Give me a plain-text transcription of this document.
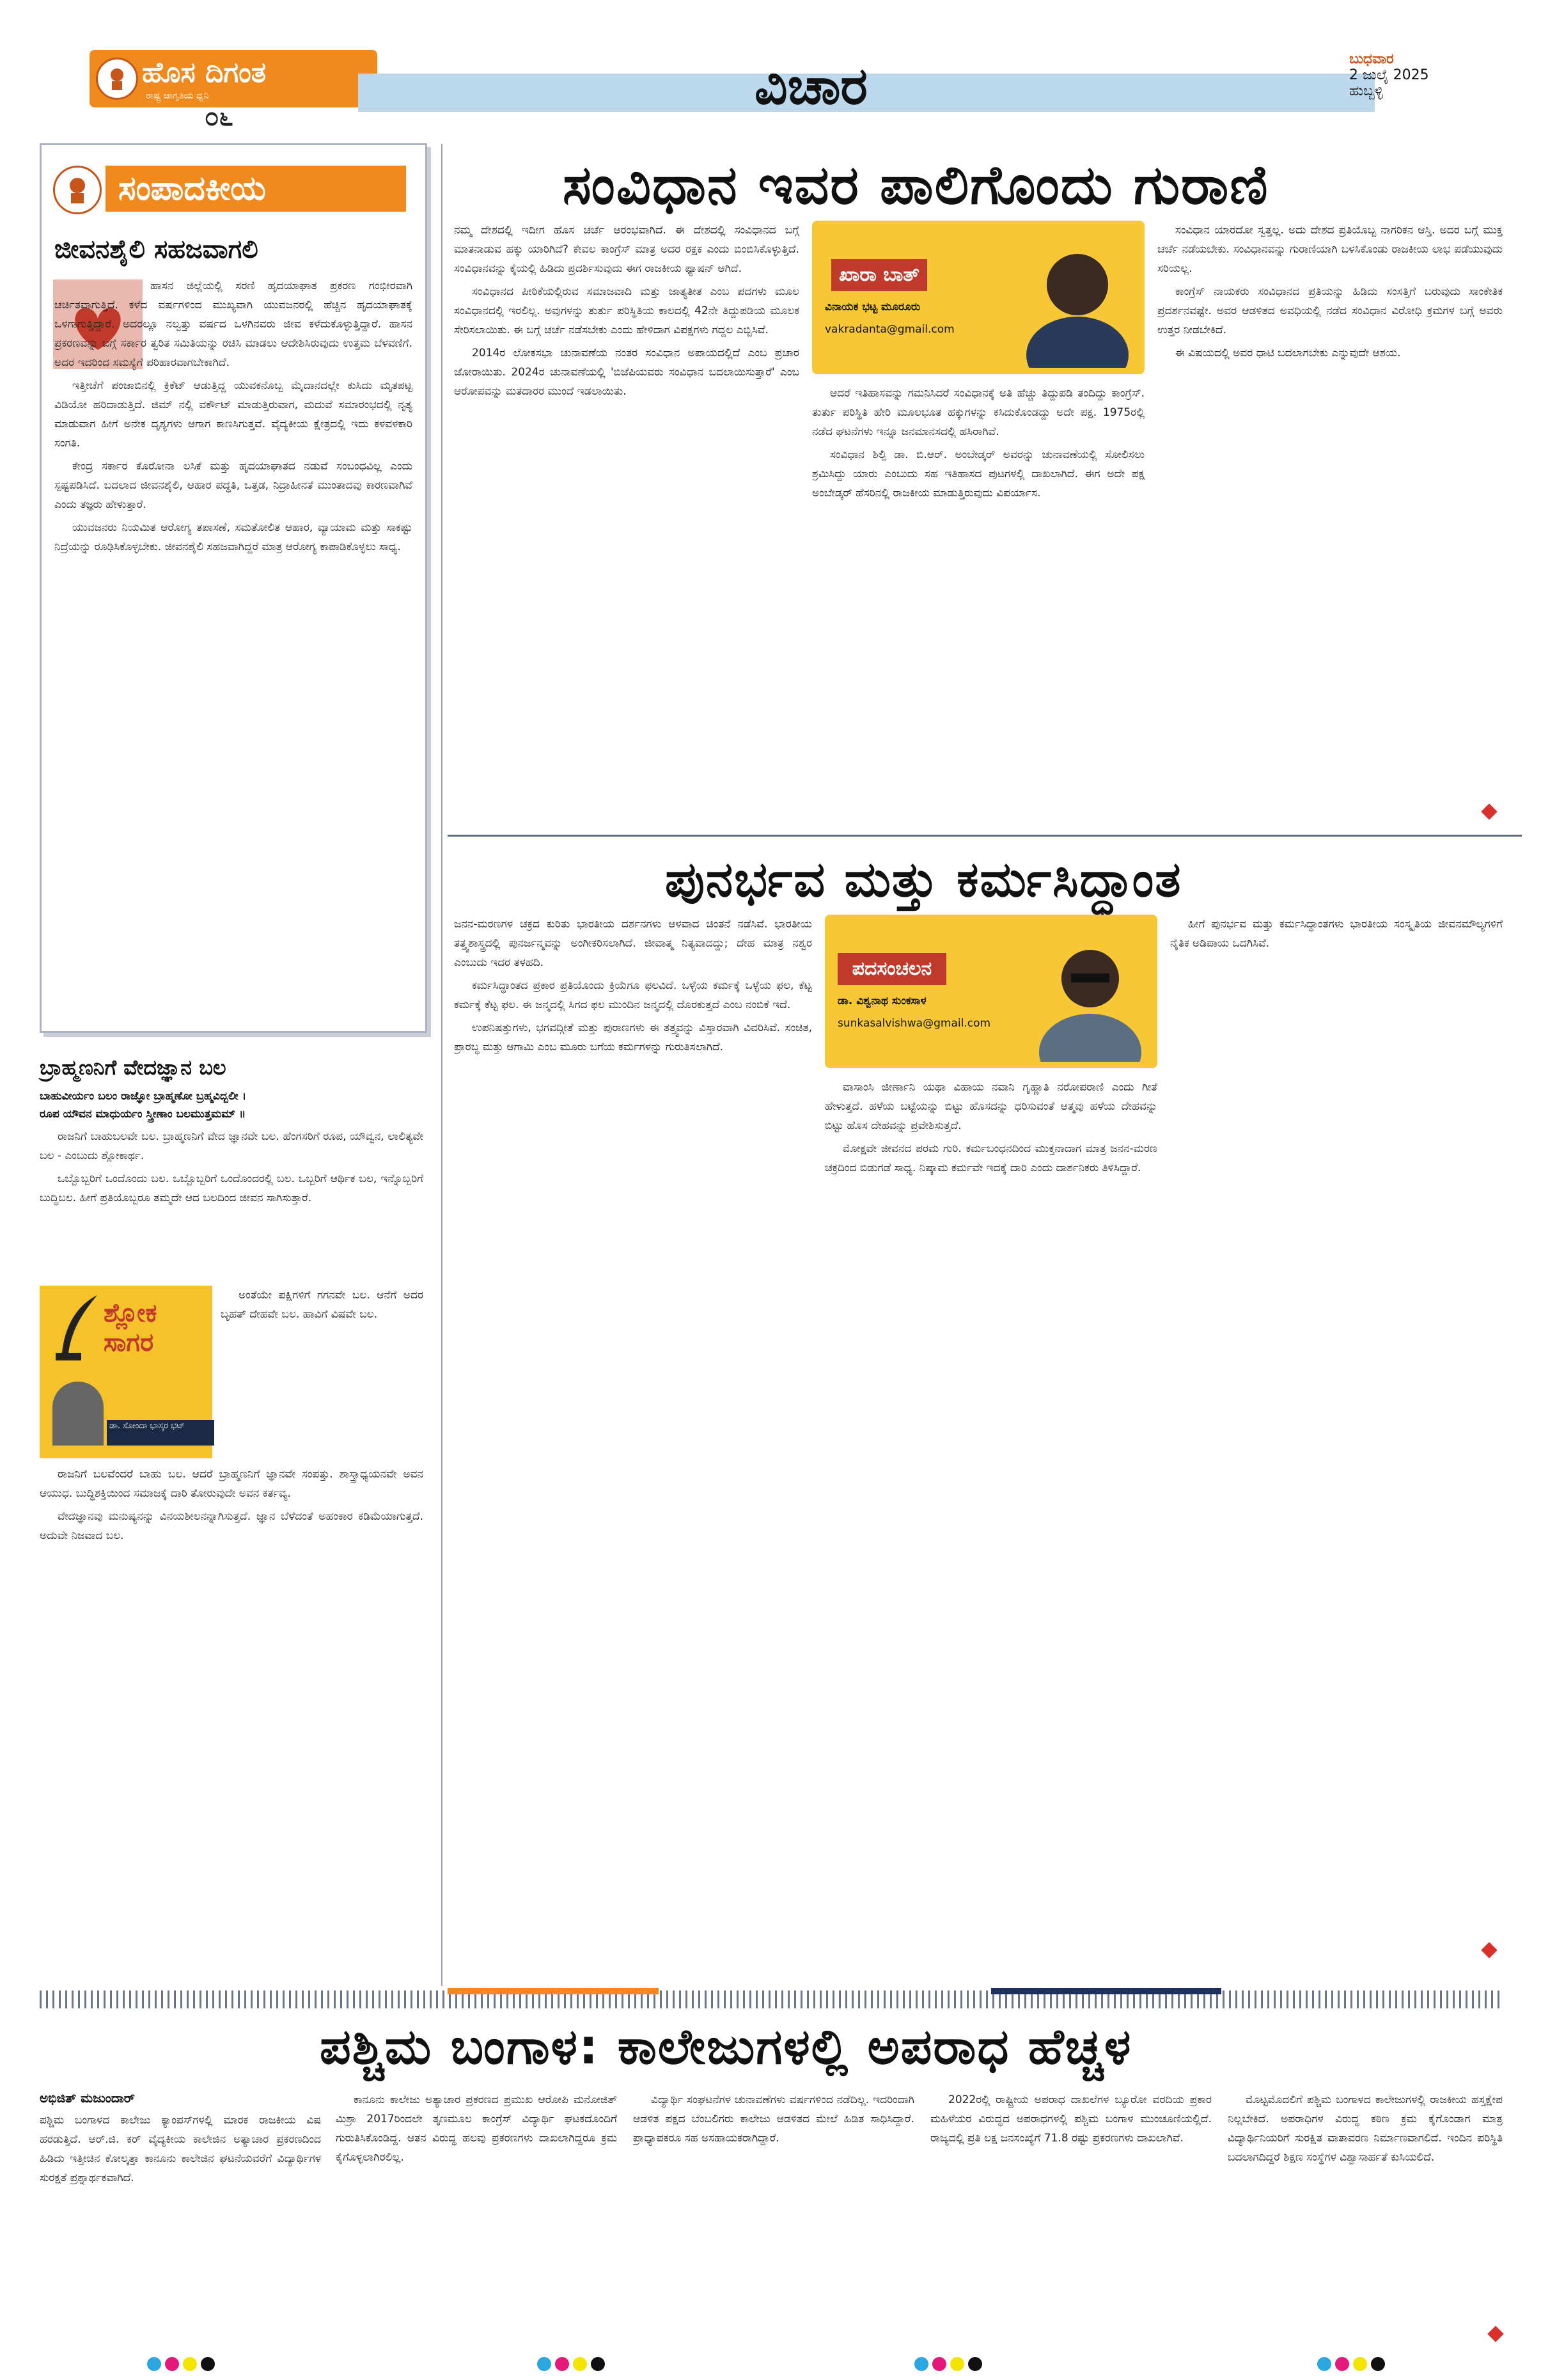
ಹೊಸ ದಿಗಂತ
ರಾಷ್ಟ್ರ ಜಾಗೃತಿಯ ಧ್ವನಿ
೦೬
ವಿಚಾರ	ಬುಧವಾರ
2 ಜುಲೈ 2025
ಹುಬ್ಬಳ್ಳಿ
ಸಂಪಾದಕೀಯ
ಜೀವನಶೈಲಿ ಸಹಜವಾಗಲಿ

ಹಾಸನ ಜಿಲ್ಲೆಯಲ್ಲಿ ಸರಣಿ ಹೃದಯಾಘಾತ ಪ್ರಕರಣ ಗಂಭೀರವಾಗಿ ಚರ್ಚಿತವಾಗುತ್ತಿದೆ. ಕಳೆದ ವರ್ಷಗಳಿಂದ ಮುಖ್ಯವಾಗಿ ಯುವಜನರಲ್ಲಿ ಹೆಚ್ಚಿನ ಹೃದಯಾಘಾತಕ್ಕೆ ಒಳಗಾಗುತ್ತಿದ್ದಾರೆ. ಅದರಲ್ಲೂ ನಲ್ವತ್ತು ವರ್ಷದ ಒಳಗಿನವರು ಜೀವ ಕಳೆದುಕೊಳ್ಳುತ್ತಿದ್ದಾರೆ. ಹಾಸನ ಪ್ರಕರಣವನ್ನು ಬಗ್ಗೆ ಸರ್ಕಾರ ತ್ವರಿತ ಸಮಿತಿಯನ್ನು ರಚಿಸಿ ಮಾಡಲು ಆದೇಶಿಸಿರುವುದು ಉತ್ತಮ ಬೆಳವಣಿಗೆ. ಅದರ ಇದರಿಂದ ಸಮಸ್ಯೆಗೆ ಪರಿಹಾರವಾಗಬೇಕಾಗಿದೆ.

ಇತ್ತೀಚೆಗೆ ಪಂಜಾಬಿನಲ್ಲಿ ಕ್ರಿಕೆಟ್ ಆಡುತ್ತಿದ್ದ ಯುವಕನೊಬ್ಬ ಮೈದಾನದಲ್ಲೇ ಕುಸಿದು ಮೃತಪಟ್ಟ ವಿಡಿಯೋ ಹರಿದಾಡುತ್ತಿದೆ. ಜಿಮ್ ನಲ್ಲಿ ವರ್ಕೌಟ್ ಮಾಡುತ್ತಿರುವಾಗ, ಮದುವೆ ಸಮಾರಂಭದಲ್ಲಿ ನೃತ್ಯ ಮಾಡುವಾಗ ಹೀಗೆ ಅನೇಕ ದೃಶ್ಯಗಳು ಆಗಾಗ ಕಾಣಸಿಗುತ್ತವೆ. ವೈದ್ಯಕೀಯ ಕ್ಷೇತ್ರದಲ್ಲಿ ಇದು ಕಳವಳಕಾರಿ ಸಂಗತಿ.

ಕೇಂದ್ರ ಸರ್ಕಾರ ಕೊರೋನಾ ಲಸಿಕೆ ಮತ್ತು ಹೃದಯಾಘಾತದ ನಡುವೆ ಸಂಬಂಧವಿಲ್ಲ ಎಂದು ಸ್ಪಷ್ಟಪಡಿಸಿದೆ. ಬದಲಾದ ಜೀವನಶೈಲಿ, ಆಹಾರ ಪದ್ಧತಿ, ಒತ್ತಡ, ನಿದ್ರಾಹೀನತೆ ಮುಂತಾದವು ಕಾರಣವಾಗಿವೆ ಎಂದು ತಜ್ಞರು ಹೇಳುತ್ತಾರೆ.

ಯುವಜನರು ನಿಯಮಿತ ಆರೋಗ್ಯ ತಪಾಸಣೆ, ಸಮತೋಲಿತ ಆಹಾರ, ವ್ಯಾಯಾಮ ಮತ್ತು ಸಾಕಷ್ಟು ನಿದ್ರೆಯನ್ನು ರೂಢಿಸಿಕೊಳ್ಳಬೇಕು. ಜೀವನಶೈಲಿ ಸಹಜವಾಗಿದ್ದರೆ ಮಾತ್ರ ಆರೋಗ್ಯ ಕಾಪಾಡಿಕೊಳ್ಳಲು ಸಾಧ್ಯ.

ಬ್ರಾಹ್ಮಣನಿಗೆ ವೇದಜ್ಞಾನ ಬಲ
ಬಾಹುವೀರ್ಯಂ ಬಲಂ ರಾಜ್ಞೋ ಬ್ರಾಹ್ಮಣೋ ಬ್ರಹ್ಮವಿದ್ಬಲೀ ।
ರೂಪ ಯೌವನ ಮಾಧುರ್ಯಂ ಸ್ತ್ರೀಣಾಂ ಬಲಮುತ್ತಮಮ್ ॥

ರಾಜನಿಗೆ ಬಾಹುಬಲವೇ ಬಲ. ಬ್ರಾಹ್ಮಣನಿಗೆ ವೇದ ಜ್ಞಾನವೇ ಬಲ. ಹೆಂಗಸರಿಗೆ ರೂಪ, ಯೌವ್ವನ, ಲಾಲಿತ್ಯವೇ ಬಲ - ಎಂಬುದು ಶ್ಲೋಕಾರ್ಥ.

ಒಬ್ಬೊಬ್ಬರಿಗೆ ಒಂದೊಂದು ಬಲ. ಒಬ್ಬೊಬ್ಬರಿಗೆ ಒಂದೊಂದರಲ್ಲಿ ಬಲ. ಒಬ್ಬರಿಗೆ ಆರ್ಥಿಕ ಬಲ, ಇನ್ನೊಬ್ಬರಿಗೆ ಬುದ್ಧಿಬಲ. ಹೀಗೆ ಪ್ರತಿಯೊಬ್ಬರೂ ತಮ್ಮದೇ ಆದ ಬಲದಿಂದ ಜೀವನ ಸಾಗಿಸುತ್ತಾರೆ.

ಶ್ಲೋಕ ಸಾಗರ
ಡಾ. ಸೋಂದಾ ಭಾಸ್ಕರ ಭಟ್

ಅಂತೆಯೇ ಪಕ್ಷಿಗಳಿಗೆ ಗಗನವೇ ಬಲ. ಆನೆಗೆ ಅದರ ಬೃಹತ್ ದೇಹವೇ ಬಲ. ಹಾವಿಗೆ ವಿಷವೇ ಬಲ.

ರಾಜನಿಗೆ ಬಲವೆಂದರೆ ಬಾಹು ಬಲ. ಆದರೆ ಬ್ರಾಹ್ಮಣನಿಗೆ ಜ್ಞಾನವೇ ಸಂಪತ್ತು. ಶಾಸ್ತ್ರಾಧ್ಯಯನವೇ ಅವನ ಆಯುಧ. ಬುದ್ಧಿಶಕ್ತಿಯಿಂದ ಸಮಾಜಕ್ಕೆ ದಾರಿ ತೋರುವುದೇ ಅವನ ಕರ್ತವ್ಯ.

ವೇದಜ್ಞಾನವು ಮನುಷ್ಯನನ್ನು ವಿನಯಶೀಲನನ್ನಾಗಿಸುತ್ತದೆ. ಜ್ಞಾನ ಬೆಳೆದಂತೆ ಅಹಂಕಾರ ಕಡಿಮೆಯಾಗುತ್ತದೆ. ಅದುವೇ ನಿಜವಾದ ಬಲ.

ಸಂವಿಧಾನ ಇವರ ಪಾಲಿಗೊಂದು ಗುರಾಣಿ

ನಮ್ಮ ದೇಶದಲ್ಲಿ ಇದೀಗ ಹೊಸ ಚರ್ಚೆ ಆರಂಭವಾಗಿದೆ. ಈ ದೇಶದಲ್ಲಿ ಸಂವಿಧಾನದ ಬಗ್ಗೆ ಮಾತನಾಡುವ ಹಕ್ಕು ಯಾರಿಗಿದೆ? ಕೇವಲ ಕಾಂಗ್ರೆಸ್ ಮಾತ್ರ ಅದರ ರಕ್ಷಕ ಎಂದು ಬಿಂಬಿಸಿಕೊಳ್ಳುತ್ತಿದೆ. ಸಂವಿಧಾನವನ್ನು ಕೈಯಲ್ಲಿ ಹಿಡಿದು ಪ್ರದರ್ಶಿಸುವುದು ಈಗ ರಾಜಕೀಯ ಫ್ಯಾಷನ್ ಆಗಿದೆ.

ಸಂವಿಧಾನದ ಪೀಠಿಕೆಯಲ್ಲಿರುವ ಸಮಾಜವಾದಿ ಮತ್ತು ಜಾತ್ಯತೀತ ಎಂಬ ಪದಗಳು ಮೂಲ ಸಂವಿಧಾನದಲ್ಲಿ ಇರಲಿಲ್ಲ. ಅವುಗಳನ್ನು ತುರ್ತು ಪರಿಸ್ಥಿತಿಯ ಕಾಲದಲ್ಲಿ 42ನೇ ತಿದ್ದುಪಡಿಯ ಮೂಲಕ ಸೇರಿಸಲಾಯಿತು. ಈ ಬಗ್ಗೆ ಚರ್ಚೆ ನಡೆಸಬೇಕು ಎಂದು ಹೇಳಿದಾಗ ವಿಪಕ್ಷಗಳು ಗದ್ದಲ ಎಬ್ಬಿಸಿವೆ.

2014ರ ಲೋಕಸಭಾ ಚುನಾವಣೆಯ ನಂತರ ಸಂವಿಧಾನ ಅಪಾಯದಲ್ಲಿದೆ ಎಂಬ ಪ್ರಚಾರ ಜೋರಾಯಿತು. 2024ರ ಚುನಾವಣೆಯಲ್ಲಿ 'ಬಿಜೆಪಿಯವರು ಸಂವಿಧಾನ ಬದಲಾಯಿಸುತ್ತಾರೆ' ಎಂಬ ಆರೋಪವನ್ನು ಮತದಾರರ ಮುಂದೆ ಇಡಲಾಯಿತು.

ಖಾರಾ ಬಾತ್
ವಿನಾಯಕ ಭಟ್ಟ ಮೂರೂರು
vakradanta@gmail.com

ಆದರೆ ಇತಿಹಾಸವನ್ನು ಗಮನಿಸಿದರೆ ಸಂವಿಧಾನಕ್ಕೆ ಅತಿ ಹೆಚ್ಚು ತಿದ್ದುಪಡಿ ತಂದಿದ್ದು ಕಾಂಗ್ರೆಸ್. ತುರ್ತು ಪರಿಸ್ಥಿತಿ ಹೇರಿ ಮೂಲಭೂತ ಹಕ್ಕುಗಳನ್ನು ಕಸಿದುಕೊಂಡದ್ದು ಅದೇ ಪಕ್ಷ. 1975ರಲ್ಲಿ ನಡೆದ ಘಟನೆಗಳು ಇನ್ನೂ ಜನಮಾನಸದಲ್ಲಿ ಹಸಿರಾಗಿವೆ.

ಸಂವಿಧಾನ ಶಿಲ್ಪಿ ಡಾ. ಬಿ.ಆರ್. ಅಂಬೇಡ್ಕರ್ ಅವರನ್ನು ಚುನಾವಣೆಯಲ್ಲಿ ಸೋಲಿಸಲು ಶ್ರಮಿಸಿದ್ದು ಯಾರು ಎಂಬುದು ಸಹ ಇತಿಹಾಸದ ಪುಟಗಳಲ್ಲಿ ದಾಖಲಾಗಿದೆ. ಈಗ ಅದೇ ಪಕ್ಷ ಅಂಬೇಡ್ಕರ್ ಹೆಸರಿನಲ್ಲಿ ರಾಜಕೀಯ ಮಾಡುತ್ತಿರುವುದು ವಿಪರ್ಯಾಸ.

ಸಂವಿಧಾನ ಯಾರದೋ ಸ್ವತ್ತಲ್ಲ. ಅದು ದೇಶದ ಪ್ರತಿಯೊಬ್ಬ ನಾಗರಿಕನ ಆಸ್ತಿ. ಅದರ ಬಗ್ಗೆ ಮುಕ್ತ ಚರ್ಚೆ ನಡೆಯಬೇಕು. ಸಂವಿಧಾನವನ್ನು ಗುರಾಣಿಯಾಗಿ ಬಳಸಿಕೊಂಡು ರಾಜಕೀಯ ಲಾಭ ಪಡೆಯುವುದು ಸರಿಯಲ್ಲ.

ಕಾಂಗ್ರೆಸ್ ನಾಯಕರು ಸಂವಿಧಾನದ ಪ್ರತಿಯನ್ನು ಹಿಡಿದು ಸಂಸತ್ತಿಗೆ ಬರುವುದು ಸಾಂಕೇತಿಕ ಪ್ರದರ್ಶನವಷ್ಟೇ. ಅವರ ಆಡಳಿತದ ಅವಧಿಯಲ್ಲಿ ನಡೆದ ಸಂವಿಧಾನ ವಿರೋಧಿ ಕ್ರಮಗಳ ಬಗ್ಗೆ ಅವರು ಉತ್ತರ ನೀಡಬೇಕಿದೆ.

ಈ ವಿಷಯದಲ್ಲಿ ಅವರ ಧಾಟಿ ಬದಲಾಗಬೇಕು ಎನ್ನುವುದೇ ಆಶಯ.

ಪುನರ್ಭವ ಮತ್ತು ಕರ್ಮಸಿದ್ಧಾಂತ

ಜನನ-ಮರಣಗಳ ಚಕ್ರದ ಕುರಿತು ಭಾರತೀಯ ದರ್ಶನಗಳು ಆಳವಾದ ಚಿಂತನೆ ನಡೆಸಿವೆ. ಭಾರತೀಯ ತತ್ತ್ವಶಾಸ್ತ್ರದಲ್ಲಿ ಪುನರ್ಜನ್ಮವನ್ನು ಅಂಗೀಕರಿಸಲಾಗಿದೆ. ಜೀವಾತ್ಮ ನಿತ್ಯವಾದದ್ದು; ದೇಹ ಮಾತ್ರ ನಶ್ವರ ಎಂಬುದು ಇದರ ತಳಹದಿ.

ಕರ್ಮಸಿದ್ಧಾಂತದ ಪ್ರಕಾರ ಪ್ರತಿಯೊಂದು ಕ್ರಿಯೆಗೂ ಫಲವಿದೆ. ಒಳ್ಳೆಯ ಕರ್ಮಕ್ಕೆ ಒಳ್ಳೆಯ ಫಲ, ಕೆಟ್ಟ ಕರ್ಮಕ್ಕೆ ಕೆಟ್ಟ ಫಲ. ಈ ಜನ್ಮದಲ್ಲಿ ಸಿಗದ ಫಲ ಮುಂದಿನ ಜನ್ಮದಲ್ಲಿ ದೊರಕುತ್ತದೆ ಎಂಬ ನಂಬಿಕೆ ಇದೆ.

ಉಪನಿಷತ್ತುಗಳು, ಭಗವದ್ಗೀತೆ ಮತ್ತು ಪುರಾಣಗಳು ಈ ತತ್ತ್ವವನ್ನು ವಿಸ್ತಾರವಾಗಿ ವಿವರಿಸಿವೆ. ಸಂಚಿತ, ಪ್ರಾರಬ್ಧ ಮತ್ತು ಆಗಾಮಿ ಎಂಬ ಮೂರು ಬಗೆಯ ಕರ್ಮಗಳನ್ನು ಗುರುತಿಸಲಾಗಿದೆ.

ಪದಸಂಚಲನ
ಡಾ. ವಿಶ್ವನಾಥ ಸುಂಕಸಾಳ
sunkasalvishwa@gmail.com

ವಾಸಾಂಸಿ ಜೀರ್ಣಾನಿ ಯಥಾ ವಿಹಾಯ ನವಾನಿ ಗೃಹ್ಣಾತಿ ನರೋಪರಾಣಿ ಎಂದು ಗೀತೆ ಹೇಳುತ್ತದೆ. ಹಳೆಯ ಬಟ್ಟೆಯನ್ನು ಬಿಟ್ಟು ಹೊಸದನ್ನು ಧರಿಸುವಂತೆ ಆತ್ಮವು ಹಳೆಯ ದೇಹವನ್ನು ಬಿಟ್ಟು ಹೊಸ ದೇಹವನ್ನು ಪ್ರವೇಶಿಸುತ್ತದೆ.

ಮೋಕ್ಷವೇ ಜೀವನದ ಪರಮ ಗುರಿ. ಕರ್ಮಬಂಧನದಿಂದ ಮುಕ್ತನಾದಾಗ ಮಾತ್ರ ಜನನ-ಮರಣ ಚಕ್ರದಿಂದ ಬಿಡುಗಡೆ ಸಾಧ್ಯ. ನಿಷ್ಕಾಮ ಕರ್ಮವೇ ಇದಕ್ಕೆ ದಾರಿ ಎಂದು ದಾರ್ಶನಿಕರು ತಿಳಿಸಿದ್ದಾರೆ.

ಹೀಗೆ ಪುನರ್ಭವ ಮತ್ತು ಕರ್ಮಸಿದ್ಧಾಂತಗಳು ಭಾರತೀಯ ಸಂಸ್ಕೃತಿಯ ಜೀವನಮೌಲ್ಯಗಳಿಗೆ ನೈತಿಕ ಅಡಿಪಾಯ ಒದಗಿಸಿವೆ.

ಪಶ್ಚಿಮ ಬಂಗಾಳ: ಕಾಲೇಜುಗಳಲ್ಲಿ ಅಪರಾಧ ಹೆಚ್ಚಳ
ಅಭಿಜಿತ್ ಮಜುಂದಾರ್

ಪಶ್ಚಿಮ ಬಂಗಾಳದ ಕಾಲೇಜು ಕ್ಯಾಂಪಸ್‌ಗಳಲ್ಲಿ ಮಾರಕ ರಾಜಕೀಯ ವಿಷ ಹರಡುತ್ತಿದೆ. ಆರ್.ಜಿ. ಕರ್ ವೈದ್ಯಕೀಯ ಕಾಲೇಜಿನ ಅತ್ಯಾಚಾರ ಪ್ರಕರಣದಿಂದ ಹಿಡಿದು ಇತ್ತೀಚಿನ ಕೋಲ್ಕತ್ತಾ ಕಾನೂನು ಕಾಲೇಜಿನ ಘಟನೆಯವರೆಗೆ ವಿದ್ಯಾರ್ಥಿಗಳ ಸುರಕ್ಷತೆ ಪ್ರಶ್ನಾರ್ಥಕವಾಗಿದೆ.

ಕಾನೂನು ಕಾಲೇಜು ಅತ್ಯಾಚಾರ ಪ್ರಕರಣದ ಪ್ರಮುಖ ಆರೋಪಿ ಮನೋಜಿತ್ ಮಿಶ್ರಾ 2017ರಿಂದಲೇ ತೃಣಮೂಲ ಕಾಂಗ್ರೆಸ್ ವಿದ್ಯಾರ್ಥಿ ಘಟಕದೊಂದಿಗೆ ಗುರುತಿಸಿಕೊಂಡಿದ್ದ. ಆತನ ವಿರುದ್ಧ ಹಲವು ಪ್ರಕರಣಗಳು ದಾಖಲಾಗಿದ್ದರೂ ಕ್ರಮ ಕೈಗೊಳ್ಳಲಾಗಿರಲಿಲ್ಲ.

ವಿದ್ಯಾರ್ಥಿ ಸಂಘಟನೆಗಳ ಚುನಾವಣೆಗಳು ವರ್ಷಗಳಿಂದ ನಡೆದಿಲ್ಲ. ಇದರಿಂದಾಗಿ ಆಡಳಿತ ಪಕ್ಷದ ಬೆಂಬಲಿಗರು ಕಾಲೇಜು ಆಡಳಿತದ ಮೇಲೆ ಹಿಡಿತ ಸಾಧಿಸಿದ್ದಾರೆ. ಪ್ರಾಧ್ಯಾಪಕರೂ ಸಹ ಅಸಹಾಯಕರಾಗಿದ್ದಾರೆ.

2022ರಲ್ಲಿ ರಾಷ್ಟ್ರೀಯ ಅಪರಾಧ ದಾಖಲೆಗಳ ಬ್ಯೂರೋ ವರದಿಯ ಪ್ರಕಾರ ಮಹಿಳೆಯರ ವಿರುದ್ಧದ ಅಪರಾಧಗಳಲ್ಲಿ ಪಶ್ಚಿಮ ಬಂಗಾಳ ಮುಂಚೂಣಿಯಲ್ಲಿದೆ. ರಾಜ್ಯದಲ್ಲಿ ಪ್ರತಿ ಲಕ್ಷ ಜನಸಂಖ್ಯೆಗೆ 71.8 ರಷ್ಟು ಪ್ರಕರಣಗಳು ದಾಖಲಾಗಿವೆ.

ಮೊಟ್ಟಮೊದಲಿಗೆ ಪಶ್ಚಿಮ ಬಂಗಾಳದ ಕಾಲೇಜುಗಳಲ್ಲಿ ರಾಜಕೀಯ ಹಸ್ತಕ್ಷೇಪ ನಿಲ್ಲಬೇಕಿದೆ. ಅಪರಾಧಿಗಳ ವಿರುದ್ಧ ಕಠಿಣ ಕ್ರಮ ಕೈಗೊಂಡಾಗ ಮಾತ್ರ ವಿದ್ಯಾರ್ಥಿನಿಯರಿಗೆ ಸುರಕ್ಷಿತ ವಾತಾವರಣ ನಿರ್ಮಾಣವಾಗಲಿದೆ. ಇಂದಿನ ಪರಿಸ್ಥಿತಿ ಬದಲಾಗದಿದ್ದರೆ ಶಿಕ್ಷಣ ಸಂಸ್ಥೆಗಳ ವಿಶ್ವಾಸಾರ್ಹತೆ ಕುಸಿಯಲಿದೆ.
